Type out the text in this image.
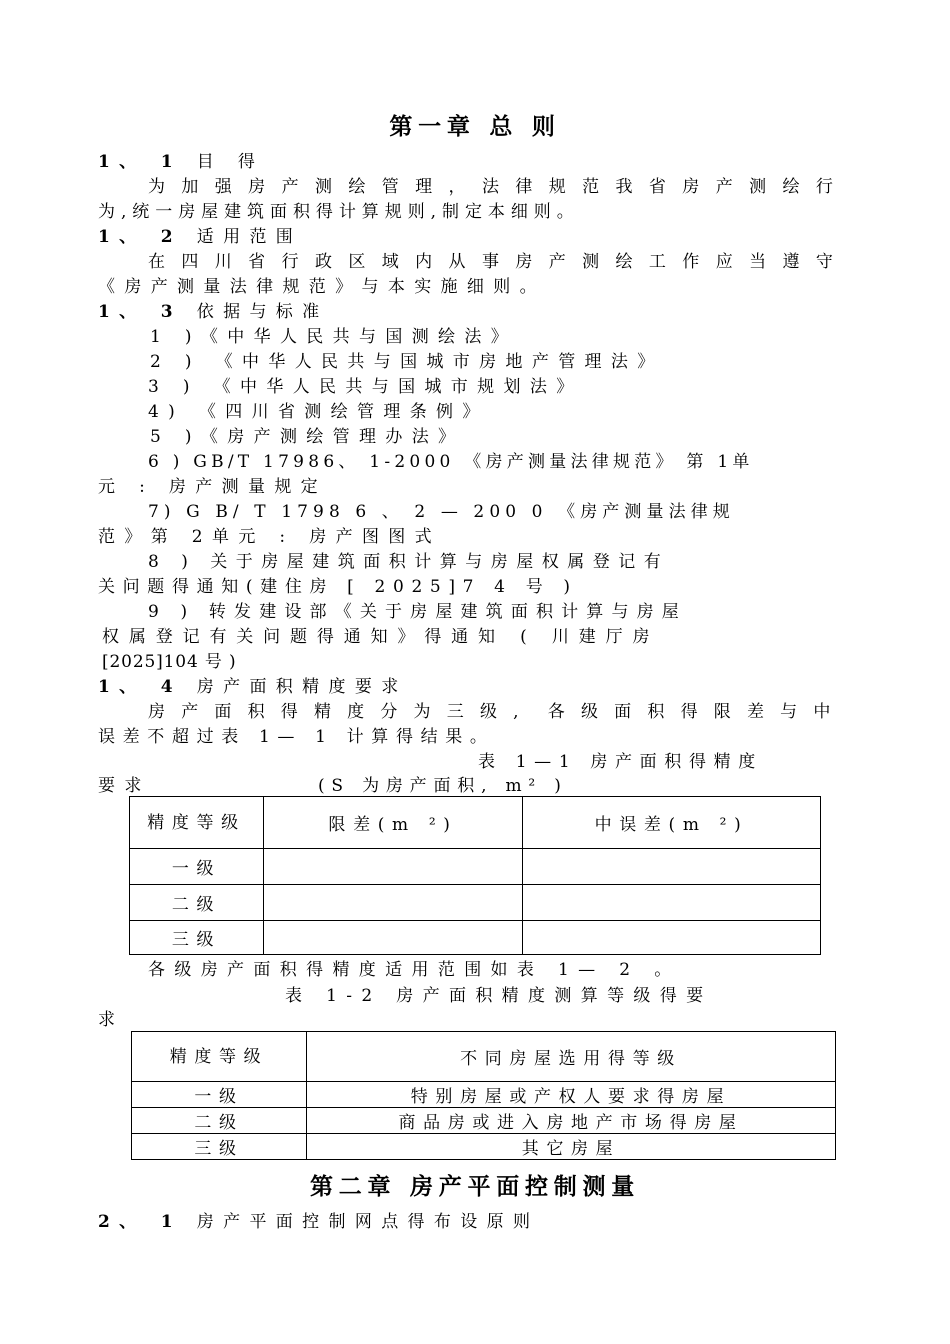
第一章 总 则
1、 1 目 得
为加强房产测绘管理，法律规范我省房产测绘行
为,统一房屋建筑面积得计算规则,制定本细则。
1、 2 适用范围
在四川省行政区域内从事房产测绘工作应当遵守
《房产测量法律规范》与本实施细则。
1、 3 依据与标准
1 )《中华人民共与国测绘法》
2 ) 《中华人民共与国城市房地产管理法》
3 ) 《中华人民共与国城市规划法》
4) 《四川省测绘管理条例》
5 )《房产测绘管理办法》
6 ) GB/T 17986、 1-2000 《房产测量法律规范》 第 1单
元 : 房产测量规定
7) G B/ T 1798 6 、 2 — 200 0 《房产测量法律规
范》第 2单元 : 房产图图式
8 ) 关于房屋建筑面积计算与房屋权属登记有
关问题得通知(建住房 [ 2025]7 4 号 )
9 ) 转发建设部《关于房屋建筑面积计算与房屋
权属登记有关问题得通知》得通知 ( 川建厅房
[2025]104 号 )
1、 4 房产面积精度要求
房产面积得精度分为三级, 各级面积得限差与中
误差不超过表 1— 1 计算得结果。
表 1—1 房产面积得精度
要求	(S 为房产面积, m² )
精度等级	限差(m ²)	中误差(m ²)
一级		
二级		
三级		
各级房产面积得精度适用范围如表 1— 2 。
表 1-2 房产面积精度测算等级得要
求
精度等级	不同房屋选用得等级
一级	特别房屋或产权人要求得房屋
二级	商品房或进入房地产市场得房屋
三级	其它房屋
第二章 房产平面控制测量
2、 1 房产平面控制网点得布设原则
